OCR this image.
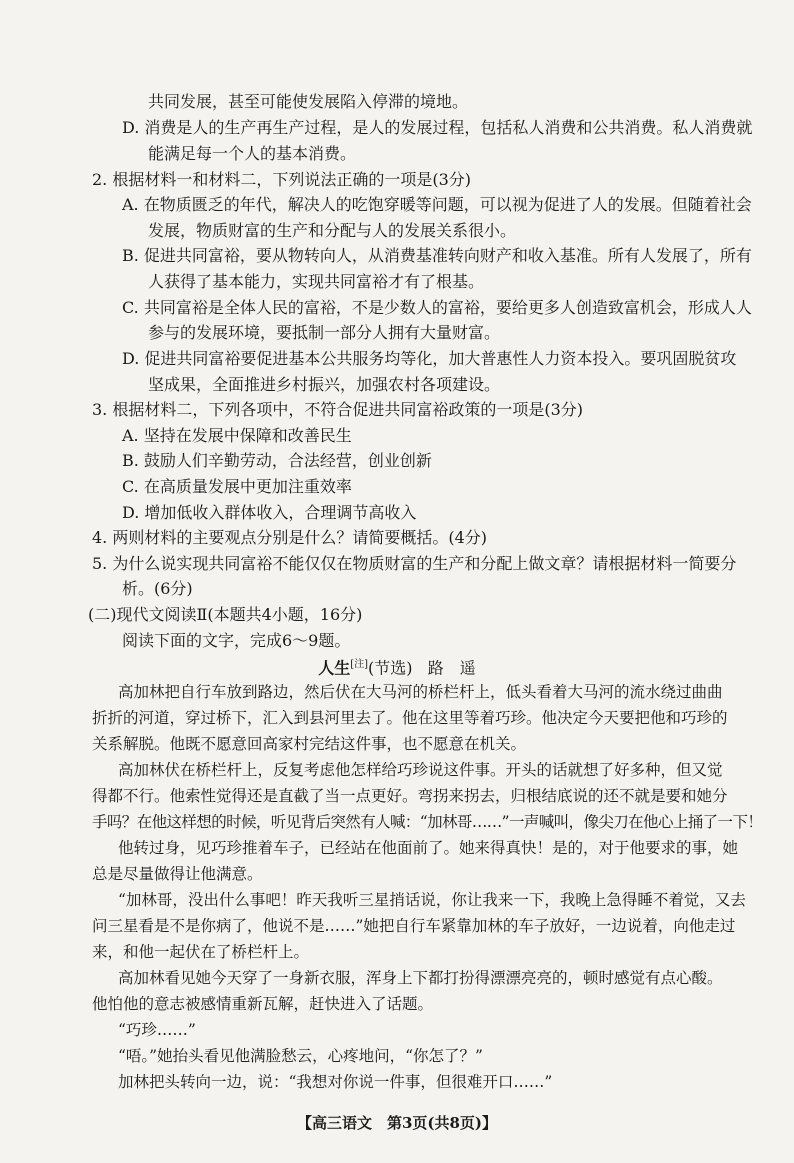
共同发展，甚至可能使发展陷入停滞的境地。
D. 消费是人的生产再生产过程，是人的发展过程，包括私人消费和公共消费。私人消费就
能满足每一个人的基本消费。
2. 根据材料一和材料二，下列说法正确的一项是(3分)
A. 在物质匮乏的年代，解决人的吃饱穿暖等问题，可以视为促进了人的发展。但随着社会
发展，物质财富的生产和分配与人的发展关系很小。
B. 促进共同富裕，要从物转向人，从消费基准转向财产和收入基准。所有人发展了，所有
人获得了基本能力，实现共同富裕才有了根基。
C. 共同富裕是全体人民的富裕，不是少数人的富裕，要给更多人创造致富机会，形成人人
参与的发展环境，要抵制一部分人拥有大量财富。
D. 促进共同富裕要促进基本公共服务均等化，加大普惠性人力资本投入。要巩固脱贫攻
坚成果，全面推进乡村振兴，加强农村各项建设。
3. 根据材料二，下列各项中，不符合促进共同富裕政策的一项是(3分)
A. 坚持在发展中保障和改善民生
B. 鼓励人们辛勤劳动，合法经营，创业创新
C. 在高质量发展中更加注重效率
D. 增加低收入群体收入，合理调节高收入
4. 两则材料的主要观点分别是什么？请简要概括。(4分)
5. 为什么说实现共同富裕不能仅仅在物质财富的生产和分配上做文章？请根据材料一简要分
析。(6分)
(二)现代文阅读Ⅱ(本题共4小题，16分)
阅读下面的文字，完成6～9题。
人生[注](节选) 路　遥
高加林把自行车放到路边，然后伏在大马河的桥栏杆上，低头看着大马河的流水绕过曲曲
折折的河道，穿过桥下，汇入到县河里去了。他在这里等着巧珍。他决定今天要把他和巧珍的
关系解脱。他既不愿意回高家村完结这件事，也不愿意在机关。
高加林伏在桥栏杆上，反复考虑他怎样给巧珍说这件事。开头的话就想了好多种，但又觉
得都不行。他索性觉得还是直截了当一点更好。弯拐来拐去，归根结底说的还不就是要和她分
手吗？在他这样想的时候，听见背后突然有人喊：“加林哥……”一声喊叫，像尖刀在他心上捅了一下！
他转过身，见巧珍推着车子，已经站在他面前了。她来得真快！是的，对于他要求的事，她
总是尽量做得让他满意。
“加林哥，没出什么事吧！昨天我听三星捎话说，你让我来一下，我晚上急得睡不着觉，又去
问三星看是不是你病了，他说不是……”她把自行车紧靠加林的车子放好，一边说着，向他走过
来，和他一起伏在了桥栏杆上。
高加林看见她今天穿了一身新衣服，浑身上下都打扮得漂漂亮亮的，顿时感觉有点心酸。
他怕他的意志被感情重新瓦解，赶快进入了话题。
“巧珍……”
“唔。”她抬头看见他满脸愁云，心疼地问，“你怎了？”
加林把头转向一边，说：“我想对你说一件事，但很难开口……”
【高三语文　第3页(共8页)】
